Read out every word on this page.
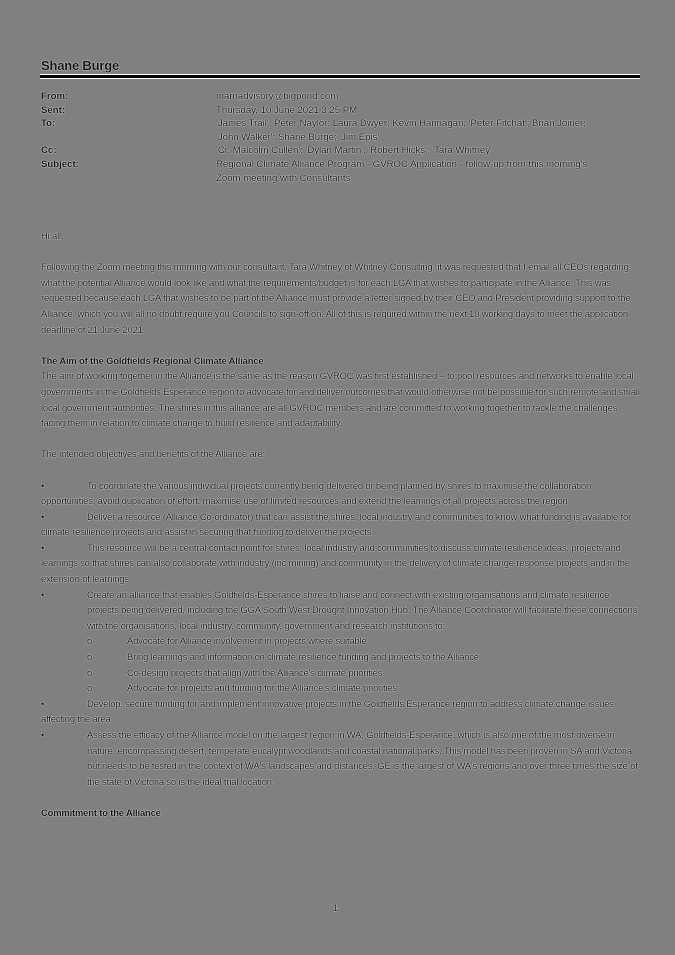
Shane Burge
From:	marnadvisory@bigpond.com
Sent:	Thursday, 10 June 2021 3:25 PM
To:	'James Trail'; Peter Naylor; Laura Dwyer; Kevin Hannagan; 'Peter Fitchat'; Brian Joiner; 'John Walker'; Shane Burge; 'Jim Epis'
Cc:	'Cr. Malcolm Cullen'; 'Dylan Martin'; 'Robert Hicks'; 'Tara Whitney'
Subject:	Regional Climate Alliance Program - GVROC Application - follow-up from this morning's Zoom meeting with Consultants

Hi all,

Following the Zoom meeting this morning with our consultant, Tara Whitney of Whitney Consulting, it was requested that I email all CEOs regarding what the potential Alliance would look like and what the requirements/budget is for each LGA that wishes to participate in the Alliance. This was requested because each LGA that wishes to be part of the Alliance must provide a letter signed by their CEO and President providing support to the Alliance, which you will all no doubt require you Councils to sign-off on. All of this is required within the next 10 working days to meet the application deadline of 21 June 2021.

The Aim of the Goldfields Regional Climate Alliance

The aim of working together in the Alliance is the same as the reason GVROC was first established – to pool resources and networks to enable local governments in the Goldfields Esperance region to advocate for and deliver outcomes that would otherwise not be possible for such remote and small local government authorities. The shires in this alliance are all GVROC members and are committed to working together to tackle the challenges facing them in relation to climate change to build resilience and adaptability.

The intended objectives and benefits of the Alliance are:

•	To coordinate the various individual projects currently being delivered or being planned by shires to maximise the collaboration opportunities, avoid duplication of effort, maximise use of limited resources and extend the learnings of all projects across the region

•	Deliver a resource (Alliance Co-ordinator) that can assist the shires, local industry and communities to know what funding is available for climate resilience projects and assist in securing that funding to deliver the projects

•	This resource will be a central contact point for shires, local industry and communities to discuss climate resilience ideas, projects and learnings so that shires can also collaborate with industry (inc mining) and community in the delivery of climate change response projects and in the extension of learnings

•	Create an alliance that enables Goldfields-Esperance shires to liaise and connect with existing organisations and climate resilience projects being delivered, including the GGA South West Drought Innovation Hub. The Alliance Coordinator will facilitate these connections with the organisations, local industry, community, government and research institutions to:

o	Advocate for Alliance involvement in projects where suitable

o	Bring learnings and information on climate resilience funding and projects to the Alliance

o	Co-design projects that align with the Alliance's climate priorities

o	Advocate for projects and funding for the Alliance's climate priorities

•	Develop, secure funding for and implement innovative projects in the Goldfields Esperance region to address climate change issues affecting the area

•	Assess the efficacy of the Alliance model on the largest region in WA, Goldfields-Esperance, which is also one of the most diverse in nature, encompassing desert, temperate eucalypt woodlands and coastal national parks. This model has been proven in SA and Victoria but needs to be tested in the context of WA's landscapes and distances. GE is the largest of WA's regions and over three times the size of the state of Victoria so is the ideal trial location.

Commitment to the Alliance

1
